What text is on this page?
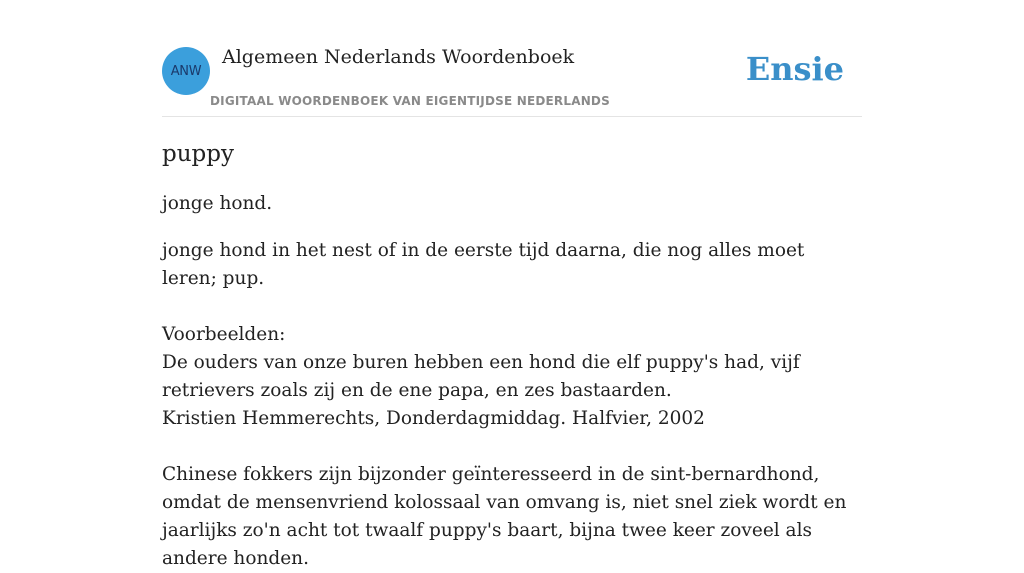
ANW
Algemeen Nederlands Woordenboek
DIGITAAL WOORDENBOEK VAN EIGENTIJDSE NEDERLANDS
Ensie
puppy

jonge hond.

jonge hond in het nest of in de eerste tijd daarna, die nog alles moet leren; pup.

Voorbeelden:

De ouders van onze buren hebben een hond die elf puppy's had, vijf retrievers zoals zij en de ene papa, en zes bastaarden.

Kristien Hemmerechts, Donderdagmiddag. Halfvier, 2002

Chinese fokkers zijn bijzonder geïnteresseerd in de sint-bernardhond, omdat de mensenvriend kolossaal van omvang is, niet snel ziek wordt en jaarlijks zo'n acht tot twaalf puppy's baart, bijna twee keer zoveel als andere honden.
